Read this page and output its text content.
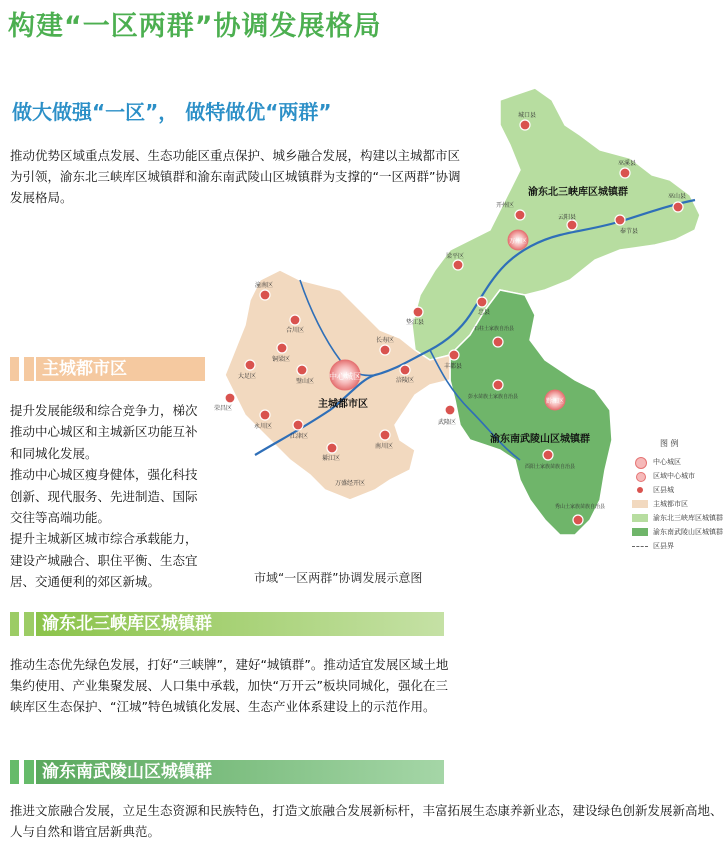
构建“一区两群”协调发展格局
做大做强“一区”， 做特做优“两群”
推动优势区域重点发展、生态功能区重点保护、城乡融合发展，构建以主城都市区为引领，渝东北三峡库区城镇群和渝东南武陵山区城镇群为支撑的“一区两群”协调发展格局。
中心城区
万州区
黔江区
城口县
巫溪县
巫山县
开州区
云阳县
奉节县
梁平区
垫江县
忠县
石柱土家族自治县
丰都县
长寿区
涪陵区
武隆区
彭水苗族土家族自治县
酉阳土家族苗族自治县
秀山土家族苗族自治县
潼南区
合川区
铜梁区
璧山区
大足区
荣昌区
永川区
江津区
綦江区
万盛经开区
南川区
渝东北三峡库区城镇群
主城都市区
渝东南武陵山区城镇群	图 例
中心城区
区域中心城市
区县城
主城都市区
渝东北三峡库区城镇群
渝东南武陵山区城镇群
区县界
市域“一区两群”协调发展示意图
主城都市区
提升发展能级和综合竞争力，梯次推动中心城区和主城新区功能互补和同城化发展。
推动中心城区瘦身健体，强化科技创新、现代服务、先进制造、国际交往等高端功能。
提升主城新区城市综合承载能力，建设产城融合、职住平衡、生态宜居、交通便利的郊区新城。
渝东北三峡库区城镇群
推动生态优先绿色发展，打好“三峡牌”，建好“城镇群”。推动适宜发展区域土地集约使用、产业集聚发展、人口集中承载，加快“万开云”板块同城化，强化在三峡库区生态保护、“江城”特色城镇化发展、生态产业体系建设上的示范作用。
渝东南武陵山区城镇群
推进文旅融合发展，立足生态资源和民族特色，打造文旅融合发展新标杆，丰富拓展生态康养新业态，建设绿色创新发展新高地、人与自然和谐宜居新典范。
